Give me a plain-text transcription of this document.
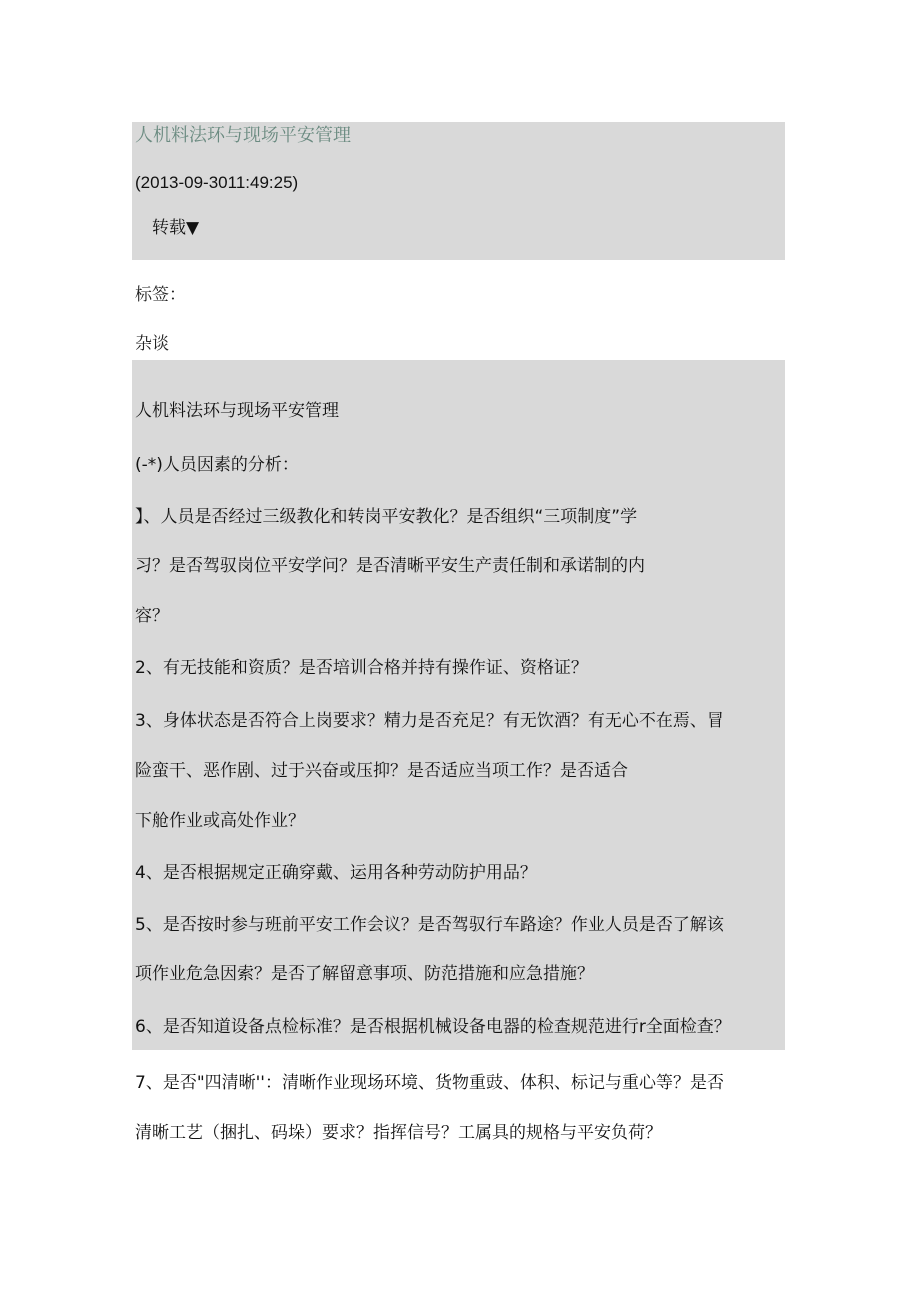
人机料法环与现场平安管理
(2013-09-3011:49:25)
转载▼
标签：
杂谈
人机料法环与现场平安管理
(-*)人员因素的分析：
】、人员是否经过三级教化和转岗平安教化？是否组织“三项制度”学
习？是否驾驭岗位平安学问？是否清晰平安生产责任制和承诺制的内
容？
2、有无技能和资质？是否培训合格并持有操作证、资格证？
3、身体状态是否符合上岗要求？精力是否充足？有无饮酒？有无心不在焉、冒
险蛮干、恶作剧、过于兴奋或压抑？是否适应当项工作？是否适合
下舱作业或高处作业？
4、是否根据规定正确穿戴、运用各种劳动防护用品？
5、是否按时参与班前平安工作会议？是否驾驭行车路途？作业人员是否了解该
项作业危急因索？是否了解留意事项、防范措施和应急措施？
6、是否知道设备点检标准？是否根据机械设备电器的检查规范进行r全面检查？
7、是否"四清晰''：清晰作业现场环境、货物重豉、体积、标记与重心等？是否
清晰工艺（捆扎、码垛）要求？指挥信号？工属具的规格与平安负荷？
